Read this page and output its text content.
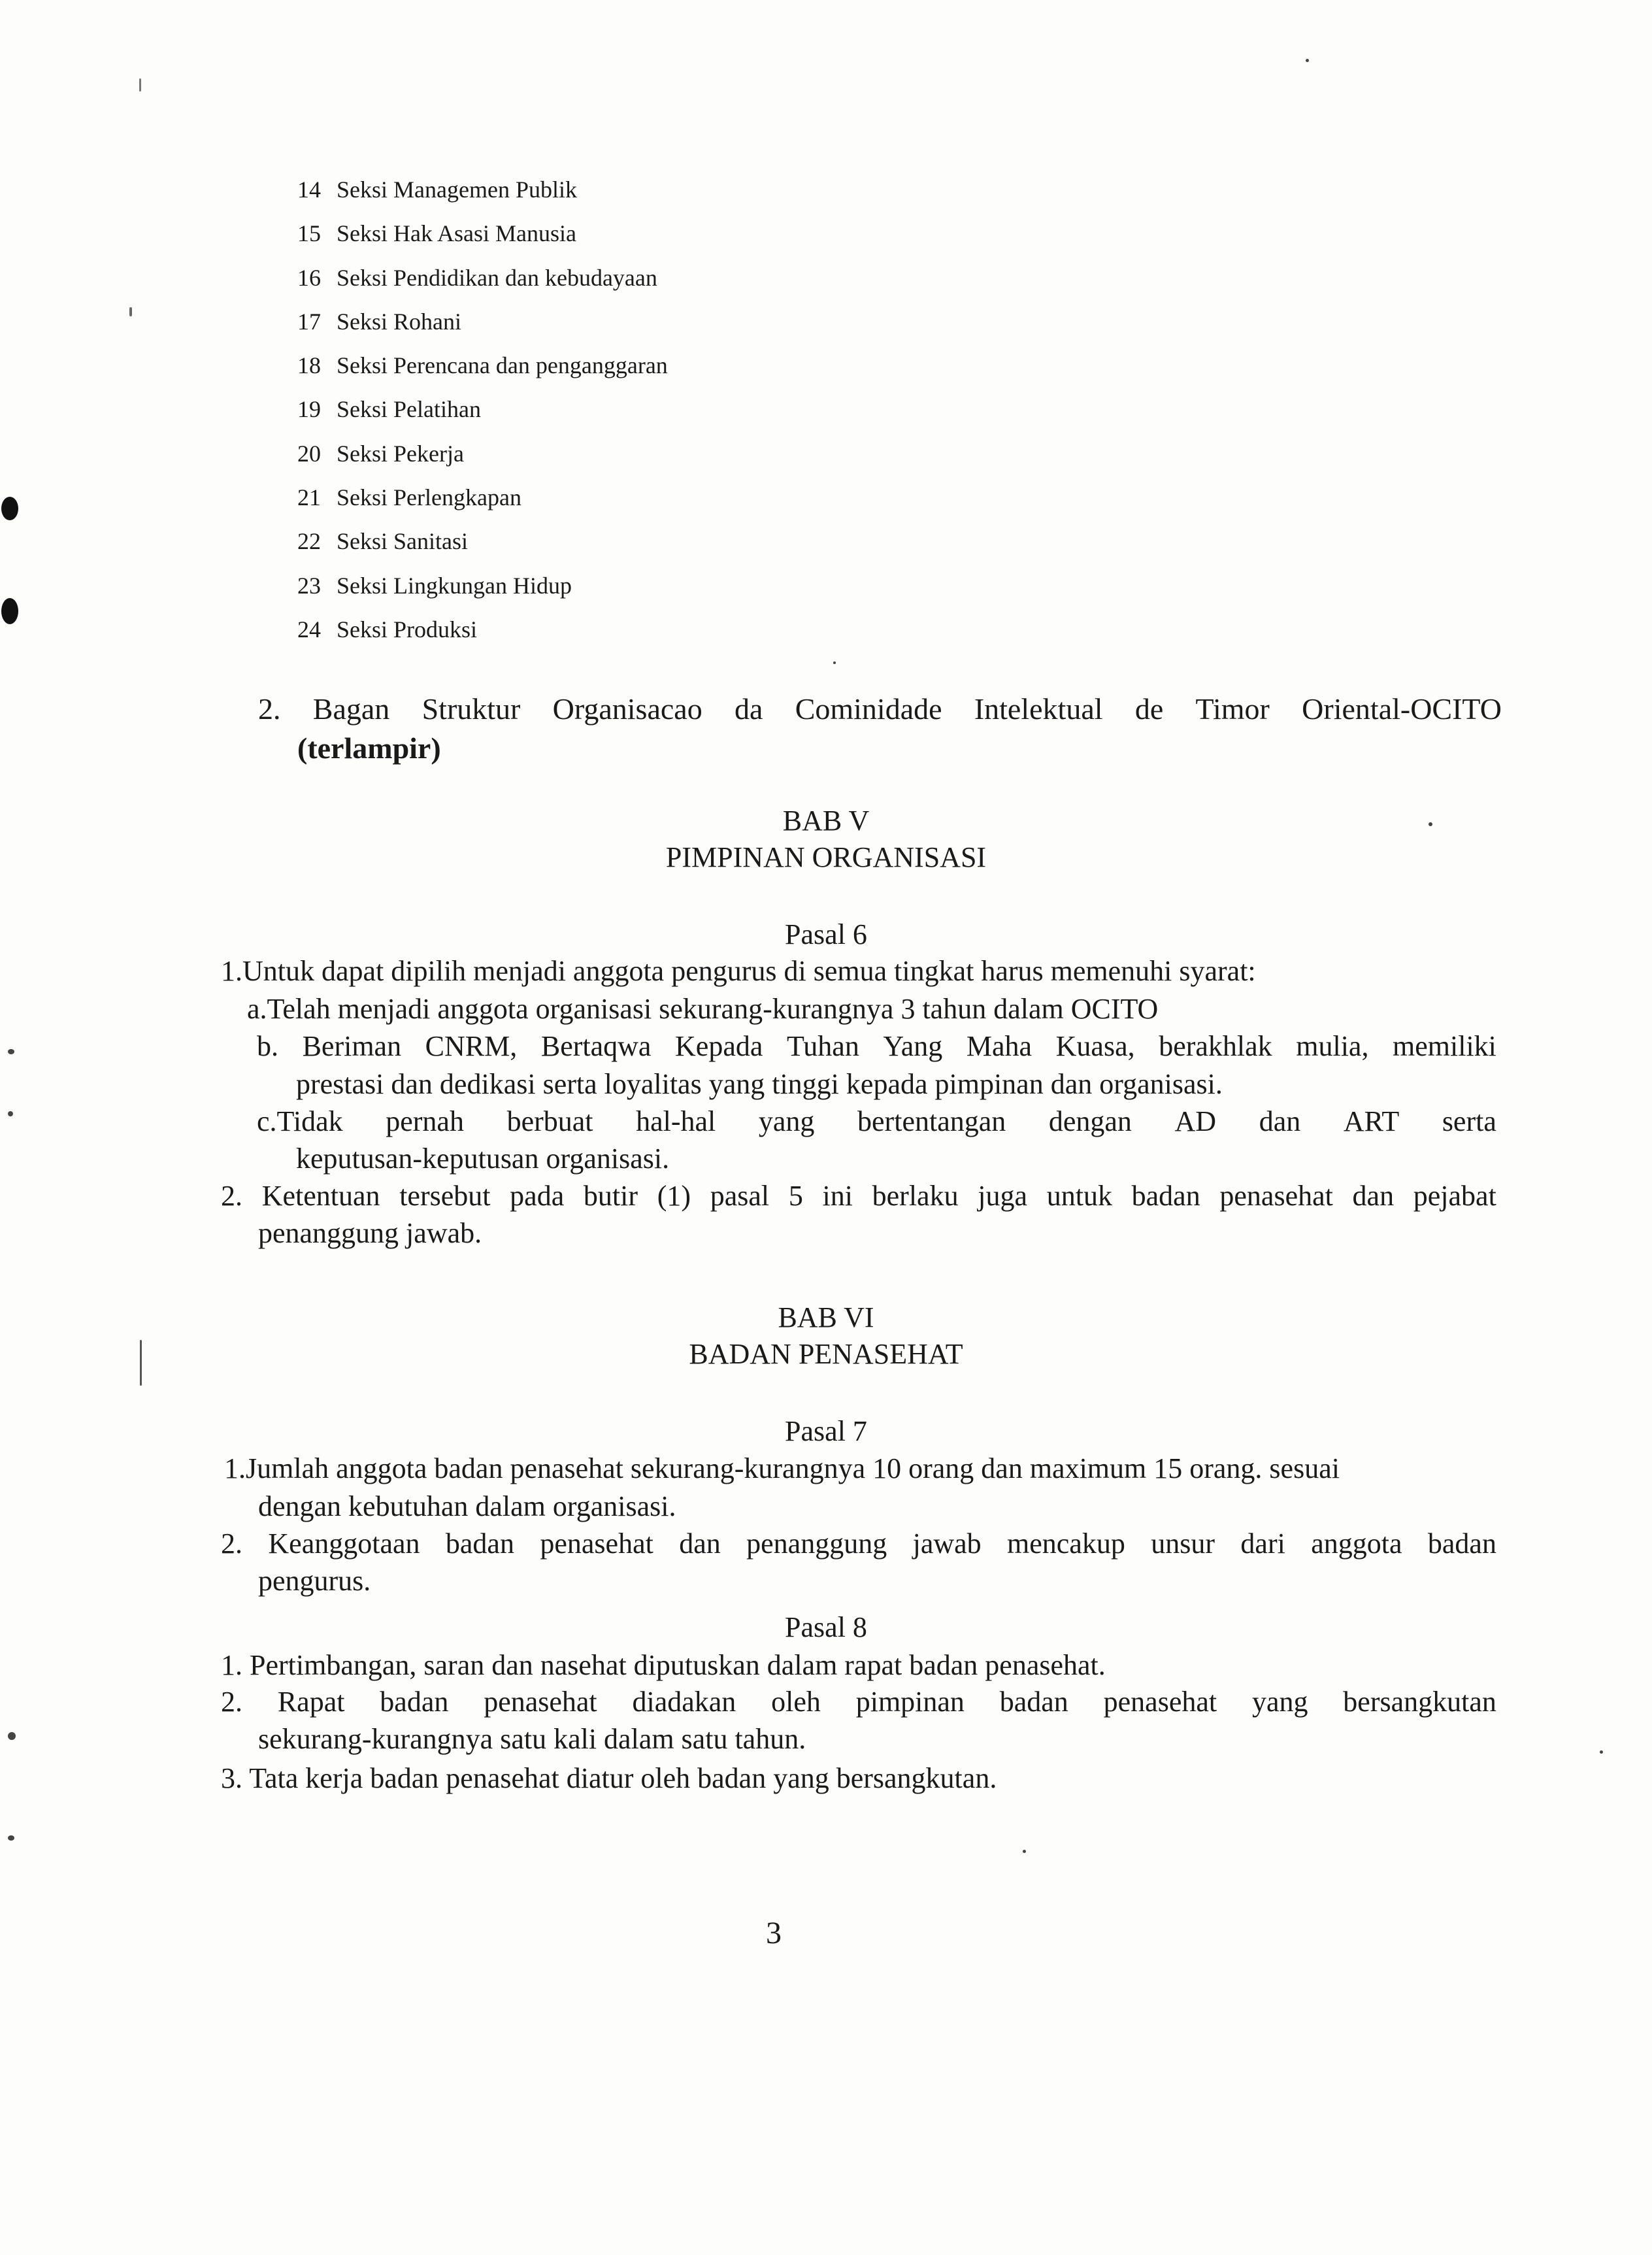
14 Seksi Managemen Publik
15 Seksi Hak Asasi Manusia
16 Seksi Pendidikan dan kebudayaan
17 Seksi Rohani
18 Seksi Perencana dan penganggaran
19 Seksi Pelatihan
20 Seksi Pekerja
21 Seksi Perlengkapan
22 Seksi Sanitasi
23 Seksi Lingkungan Hidup
24 Seksi Produksi
2. Bagan Struktur Organisacao da Cominidade Intelektual de Timor Oriental-OCITO
(terlampir)
BAB V
PIMPINAN ORGANISASI
Pasal 6
1.Untuk dapat dipilih menjadi anggota pengurus di semua tingkat harus memenuhi syarat:
a.Telah menjadi anggota organisasi sekurang-kurangnya 3 tahun dalam OCITO
b. Beriman CNRM, Bertaqwa Kepada Tuhan Yang Maha Kuasa, berakhlak mulia, memiliki
prestasi dan dedikasi serta loyalitas yang tinggi kepada pimpinan dan organisasi.
c.Tidak pernah berbuat hal-hal yang bertentangan dengan AD dan ART serta
keputusan-keputusan organisasi.
2. Ketentuan tersebut pada butir (1) pasal 5 ini berlaku juga untuk badan penasehat dan pejabat
penanggung jawab.
BAB VI
BADAN PENASEHAT
Pasal 7
1.Jumlah anggota badan penasehat sekurang-kurangnya 10 orang dan maximum 15 orang. sesuai
dengan kebutuhan dalam organisasi.
2. Keanggotaan badan penasehat dan penanggung jawab mencakup unsur dari anggota badan
pengurus.
Pasal 8
1. Pertimbangan, saran dan nasehat diputuskan dalam rapat badan penasehat.
2. Rapat badan penasehat diadakan oleh pimpinan badan penasehat yang bersangkutan
sekurang-kurangnya satu kali dalam satu tahun.
3. Tata kerja badan penasehat diatur oleh badan yang bersangkutan.
3
